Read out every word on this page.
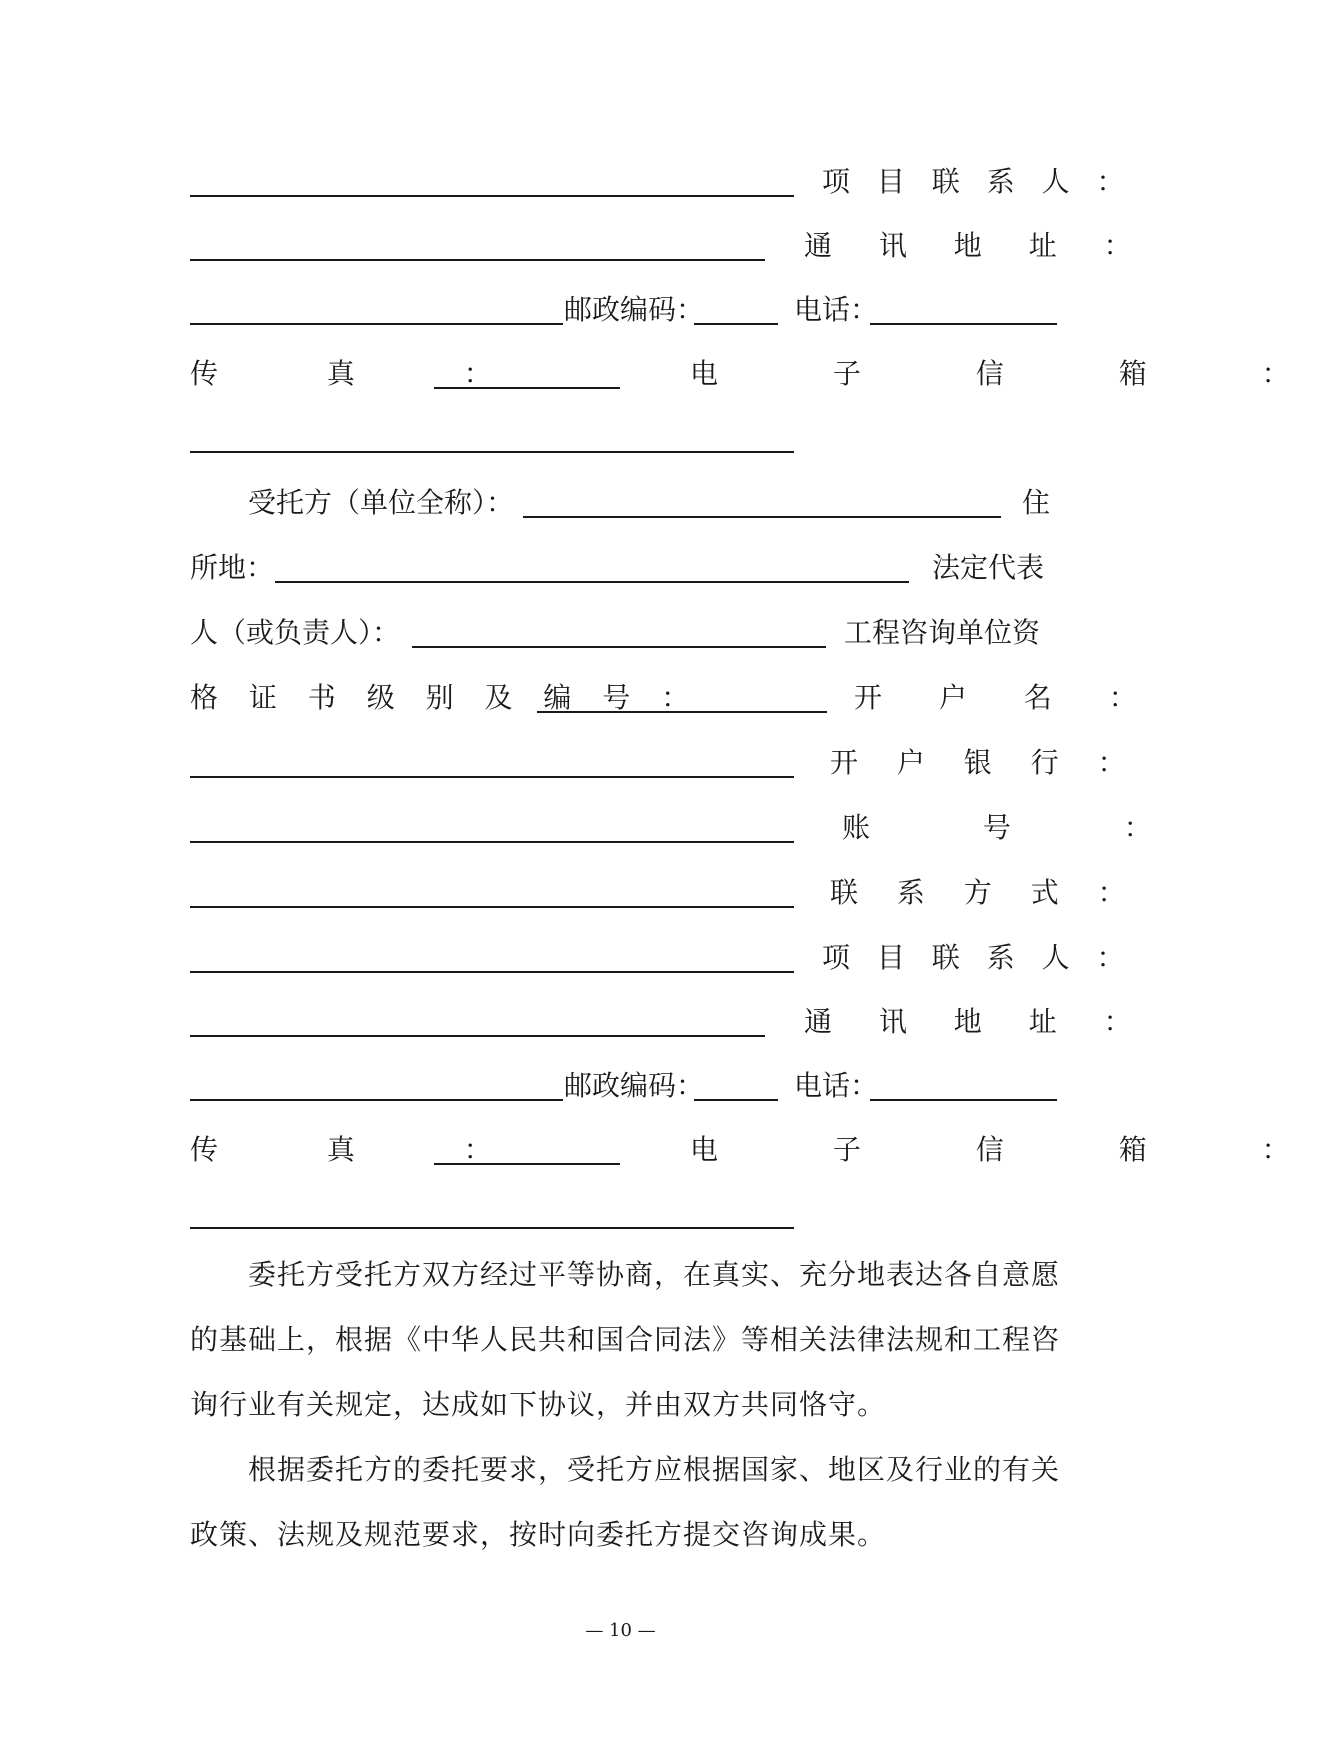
项 目 联 系 人 ：
通 讯 地 址 ：
邮政编码：	电话：
传 真 ：	电 子 信 箱 ：
受托方（单位全称）：	住
所地：	法定代表
人（或负责人）：	工程咨询单位资
格 证 书 级 别 及 编 号 ：	开 户 名 ：
开 户 银 行 ：
账 号 ：
联 系 方 式 ：
项 目 联 系 人 ：
通 讯 地 址 ：
邮政编码：	电话：
传 真 ：	电 子 信 箱 ：

委托方受托方双方经过平等协商，在真实、充分地表达各自意愿的基础上，根据《中华人民共和国合同法》等相关法律法规和工程咨询行业有关规定，达成如下协议，并由双方共同恪守。

根据委托方的委托要求，受托方应根据国家、地区及行业的有关政策、法规及规范要求，按时向委托方提交咨询成果。

— 10 —
